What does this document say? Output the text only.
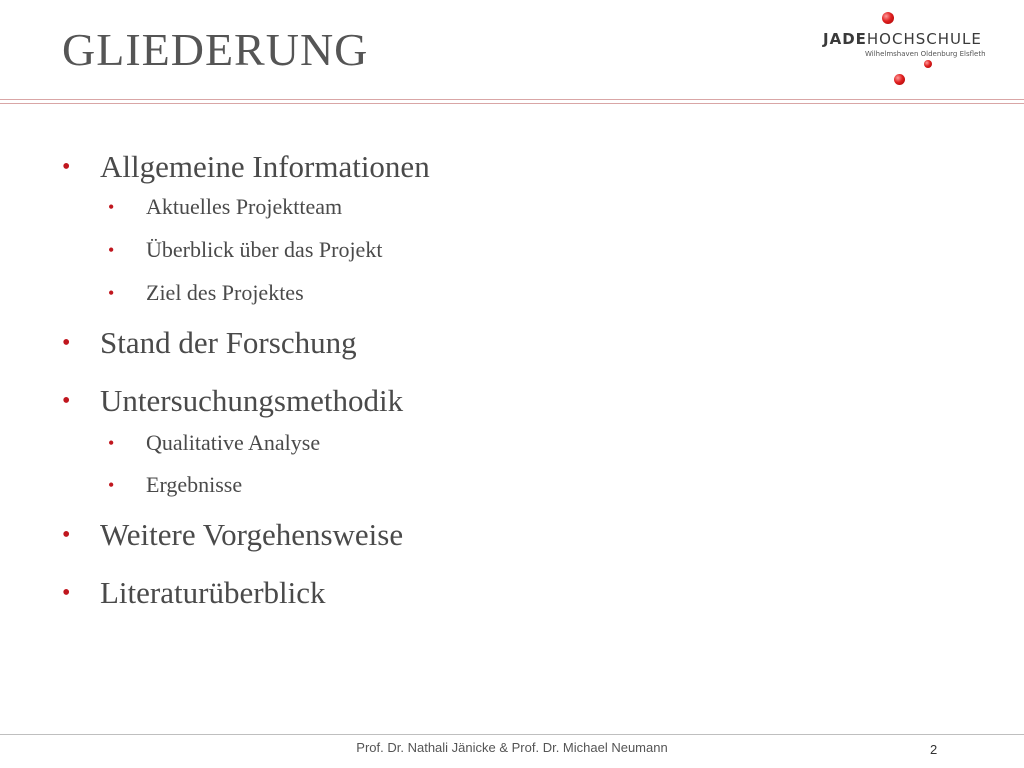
GLIEDERUNG	JADEHOCHSCHULE
Wilhelmshaven Oldenburg Elsfleth
• Allgemeine Informationen
• Aktuelles Projektteam
• Überblick über das Projekt
• Ziel des Projektes
• Stand der Forschung
• Untersuchungsmethodik
• Qualitative Analyse
• Ergebnisse
• Weitere Vorgehensweise
• Literaturüberblick
Prof. Dr. Nathali Jänicke & Prof. Dr. Michael Neumann	2
